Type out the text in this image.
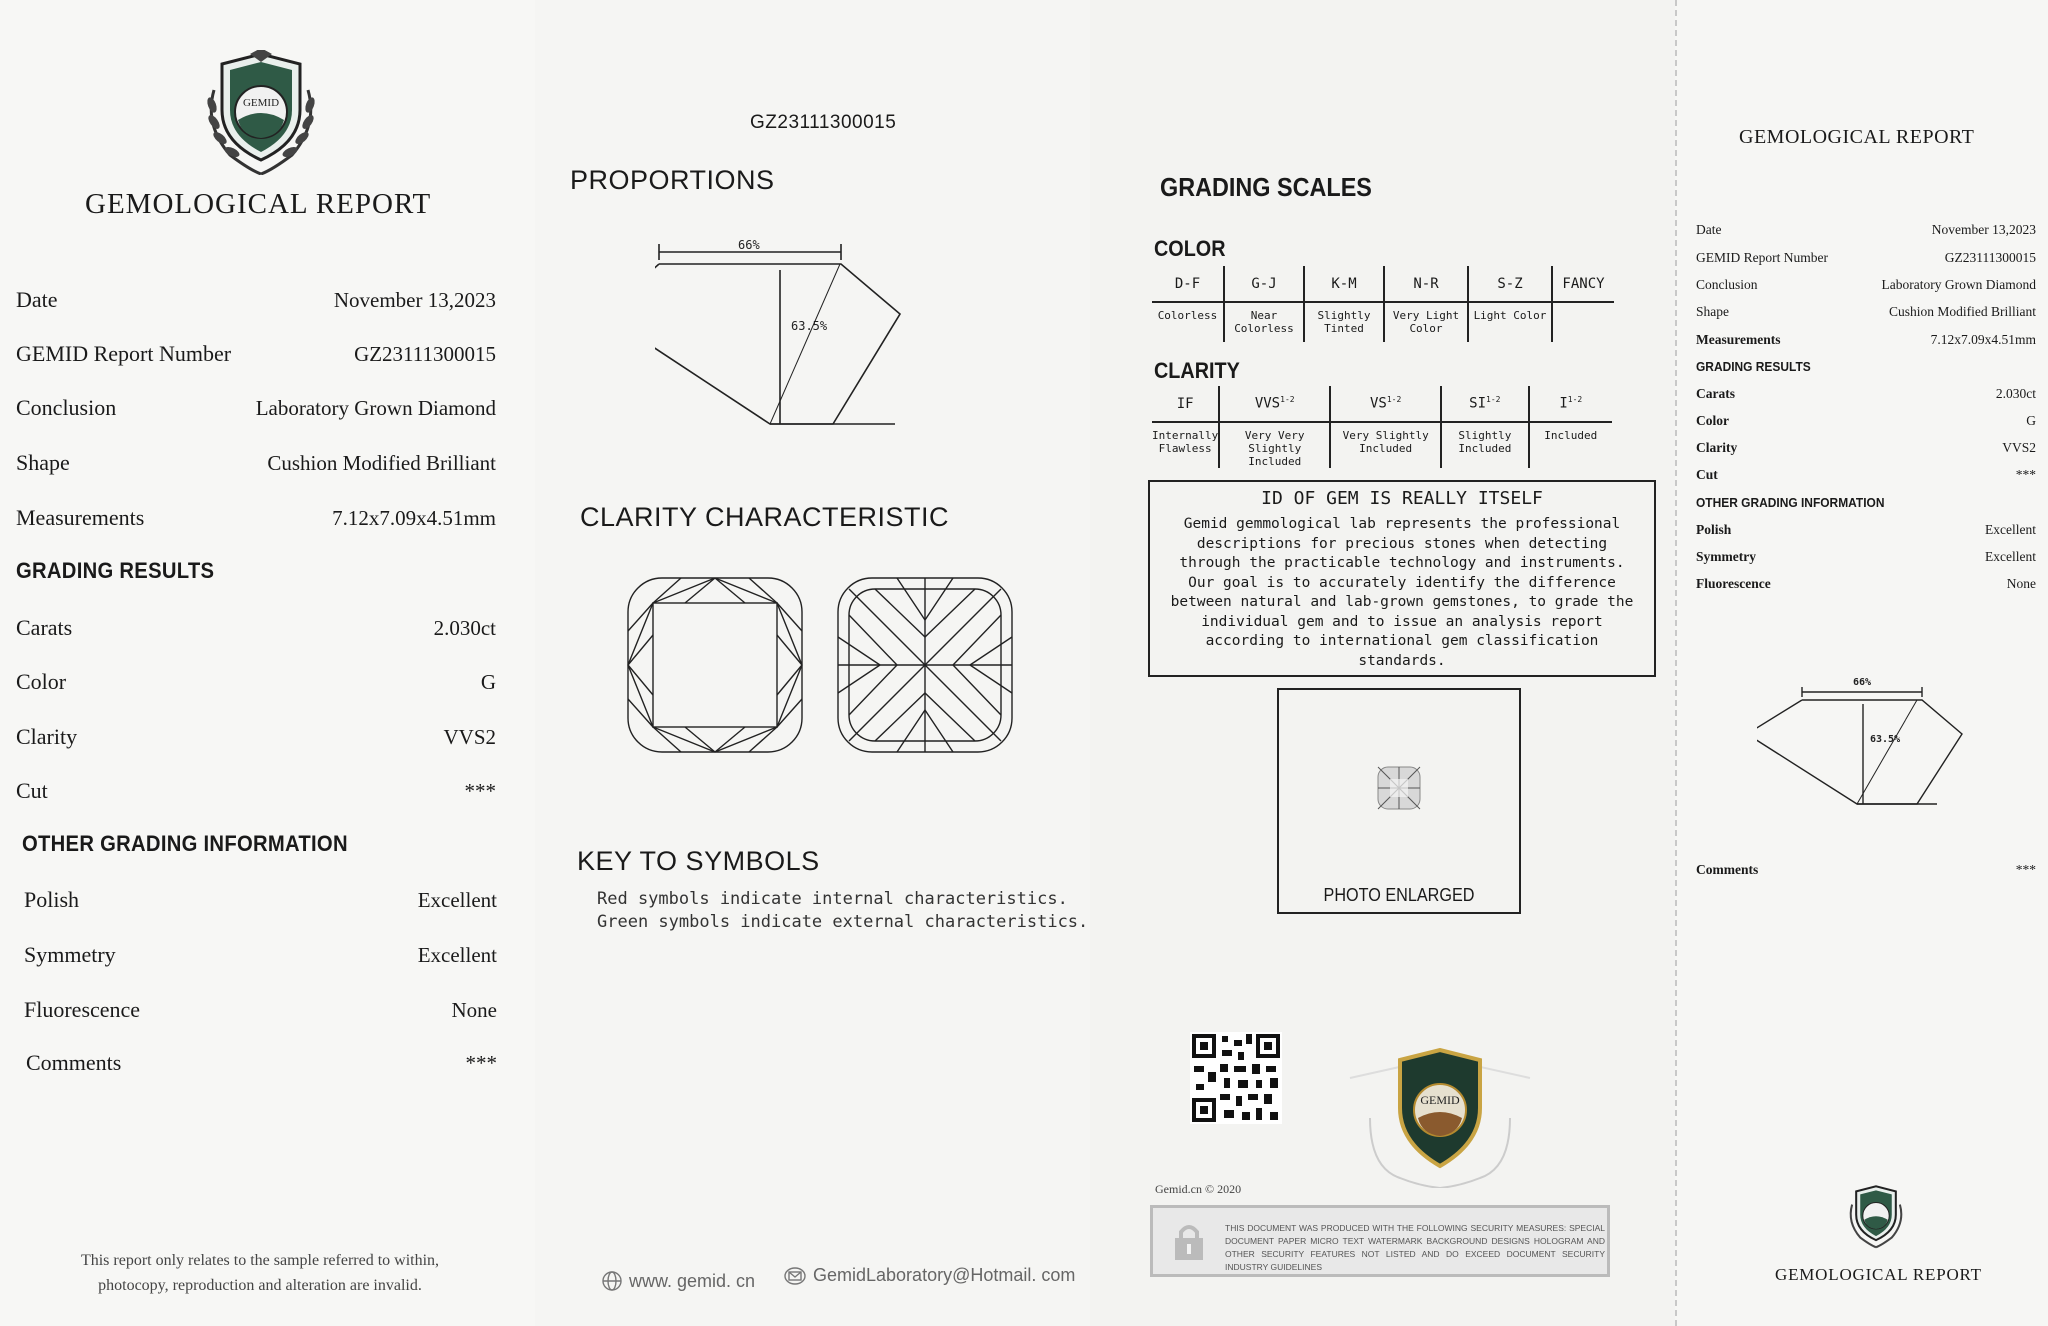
GEMID
GEMOLOGICAL REPORT
Date	November 13,2023
GEMID Report Number	GZ23111300015
Conclusion	Laboratory Grown Diamond
Shape	Cushion Modified Brilliant
Measurements	7.12x7.09x4.51mm
GRADING RESULTS
Carats	2.030ct
Color	G
Clarity	VVS2
Cut	***
OTHER GRADING INFORMATION
Polish	Excellent
Symmetry	Excellent
Fluorescence	None
Comments	***
This report only relates to the sample referred to within,
photocopy, reproduction and alteration are invalid.
GZ23111300015
PROPORTIONS
66%
63.5%
CLARITY CHARACTERISTIC
KEY TO SYMBOLS
Red symbols indicate internal characteristics.
Green symbols indicate external characteristics.
www. gemid. cn	GemidLaboratory@Hotmail. com
GRADING SCALES
COLOR
D-F	G-J	K-M	N-R	S-Z	FANCY
Colorless	Near Colorless	Slightly Tinted	Very Light Color	Light Color	
CLARITY
IF	VVS$^{1-2}$	VS$^{1-2}$	SI$^{1-2}$	$I^{1-2}$
Internally Flawless	Very Very Slightly Included	Very Slightly Included	Slightly Included	Included
ID OF GEM IS REALLY ITSELF
Gemid gemmological lab represents the professional descriptions for precious stones when detecting through the practicable technology and instruments. Our goal is to accurately identify the difference between natural and lab-grown gemstones, to grade the individual gem and to issue an analysis report according to international gem classification standards.
PHOTO ENLARGED
GEMID
Gemid.cn © 2020
THIS DOCUMENT WAS PRODUCED WITH THE FOLLOWING SECURITY MEASURES: SPECIAL DOCUMENT PAPER MICRO TEXT WATERMARK BACKGROUND DESIGNS HOLOGRAM AND OTHER SECURITY FEATURES NOT LISTED AND DO EXCEED DOCUMENT SECURITY INDUSTRY GUIDELINES
GEMOLOGICAL REPORT
Date	November 13,2023
GEMID Report Number	GZ23111300015
Conclusion	Laboratory Grown Diamond
Shape	Cushion Modified Brilliant
Measurements	7.12x7.09x4.51mm
GRADING RESULTS
Carats	2.030ct
Color	G
Clarity	VVS2
Cut	***
OTHER GRADING INFORMATION
Polish	Excellent
Symmetry	Excellent
Fluorescence	None
66%
63.5%
Comments	***
GEMOLOGICAL REPORT
